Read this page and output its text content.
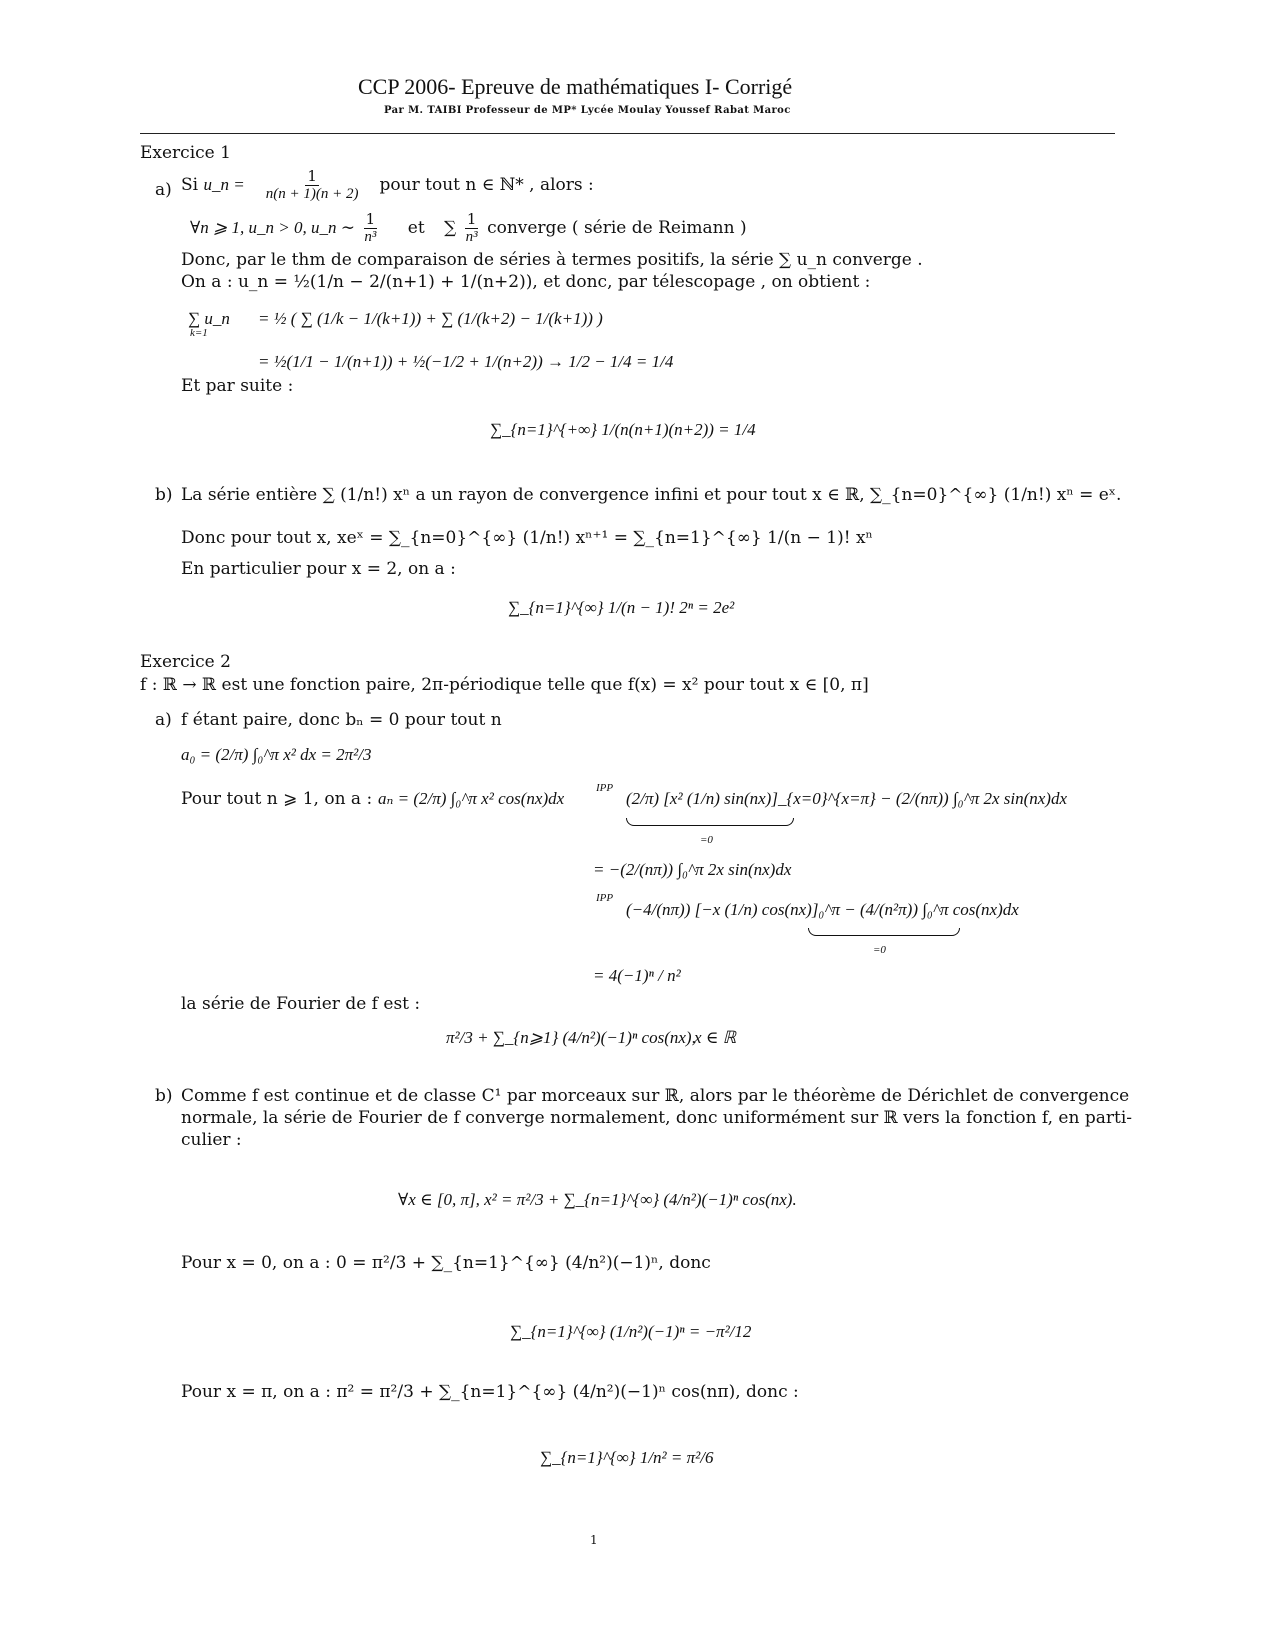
CCP 2006- Epreuve de mathématiques I- Corrigé
Par M. TAIBI Professeur de MP* Lycée Moulay Youssef Rabat Maroc
Exercice 1
a) Si u_n = $\frac{1}{n(n + 1)(n + 2)}$ pour tout n ∈ ℕ* , alors :
∀n ⩾ 1, u_n > 0, u_n ∼ $\frac{1}{\text{n³}}$ et ∑ $\frac{1}{\text{n³}}$ converge ( série de Reimann )
Donc, par le thm de comparaison de séries à termes positifs, la série ∑ u_n converge .
On a : u_n = ½(1/n − 2/(n+1) + 1/(n+2)), et donc, par télescopage , on obtient :
∑ u_n
k=1
= ½ ( ∑ (1/k − 1/(k+1)) + ∑ (1/(k+2) − 1/(k+1)) )
= ½(1/1 − 1/(n+1)) + ½(−1/2 + 1/(n+2)) → 1/2 − 1/4 = 1/4
Et par suite :
∑_{n=1}^{+∞} 1/(n(n+1)(n+2)) = 1/4
b) La série entière ∑ (1/n!) xⁿ a un rayon de convergence infini et pour tout x ∈ ℝ, ∑_{n=0}^{∞} (1/n!) xⁿ = eˣ.
Donc pour tout x, xeˣ = ∑_{n=0}^{∞} (1/n!) xⁿ⁺¹ = ∑_{n=1}^{∞} 1/(n − 1)! xⁿ
En particulier pour x = 2, on a :
∑_{n=1}^{∞} 1/(n − 1)! 2ⁿ = 2e²
Exercice 2
f : ℝ → ℝ est une fonction paire, 2π-périodique telle que f(x) = x² pour tout x ∈ [0, π]
a) f étant paire, donc bₙ = 0 pour tout n
a₀ = (2/π) ∫₀^π x² dx = 2π²/3
Pour tout n ⩾ 1, on a : aₙ = (2/π) ∫₀^π x² cos(nx)dx
IPP
(2/π) [x² (1/n) sin(nx)]_{x=0}^{x=π} − (2/(nπ)) ∫₀^π 2x sin(nx)dx
=0
= −(2/(nπ)) ∫₀^π 2x sin(nx)dx
IPP
(−4/(nπ)) [−x (1/n) cos(nx)]₀^π − (4/(n²π)) ∫₀^π cos(nx)dx
=0
= 4(−1)ⁿ / n²
la série de Fourier de f est :
π²/3 + ∑_{n⩾1} (4/n²)(−1)ⁿ cos(nx),
x ∈ ℝ
b) Comme f est continue et de classe C¹ par morceaux sur ℝ, alors par le théorème de Dérichlet de convergence
normale, la série de Fourier de f converge normalement, donc uniformément sur ℝ vers la fonction f, en parti-
culier :
∀x ∈ [0, π], x² = π²/3 + ∑_{n=1}^{∞} (4/n²)(−1)ⁿ cos(nx).
Pour x = 0, on a : 0 = π²/3 + ∑_{n=1}^{∞} (4/n²)(−1)ⁿ, donc
∑_{n=1}^{∞} (1/n²)(−1)ⁿ = −π²/12
Pour x = π, on a : π² = π²/3 + ∑_{n=1}^{∞} (4/n²)(−1)ⁿ cos(nπ), donc :
∑_{n=1}^{∞} 1/n² = π²/6
1
